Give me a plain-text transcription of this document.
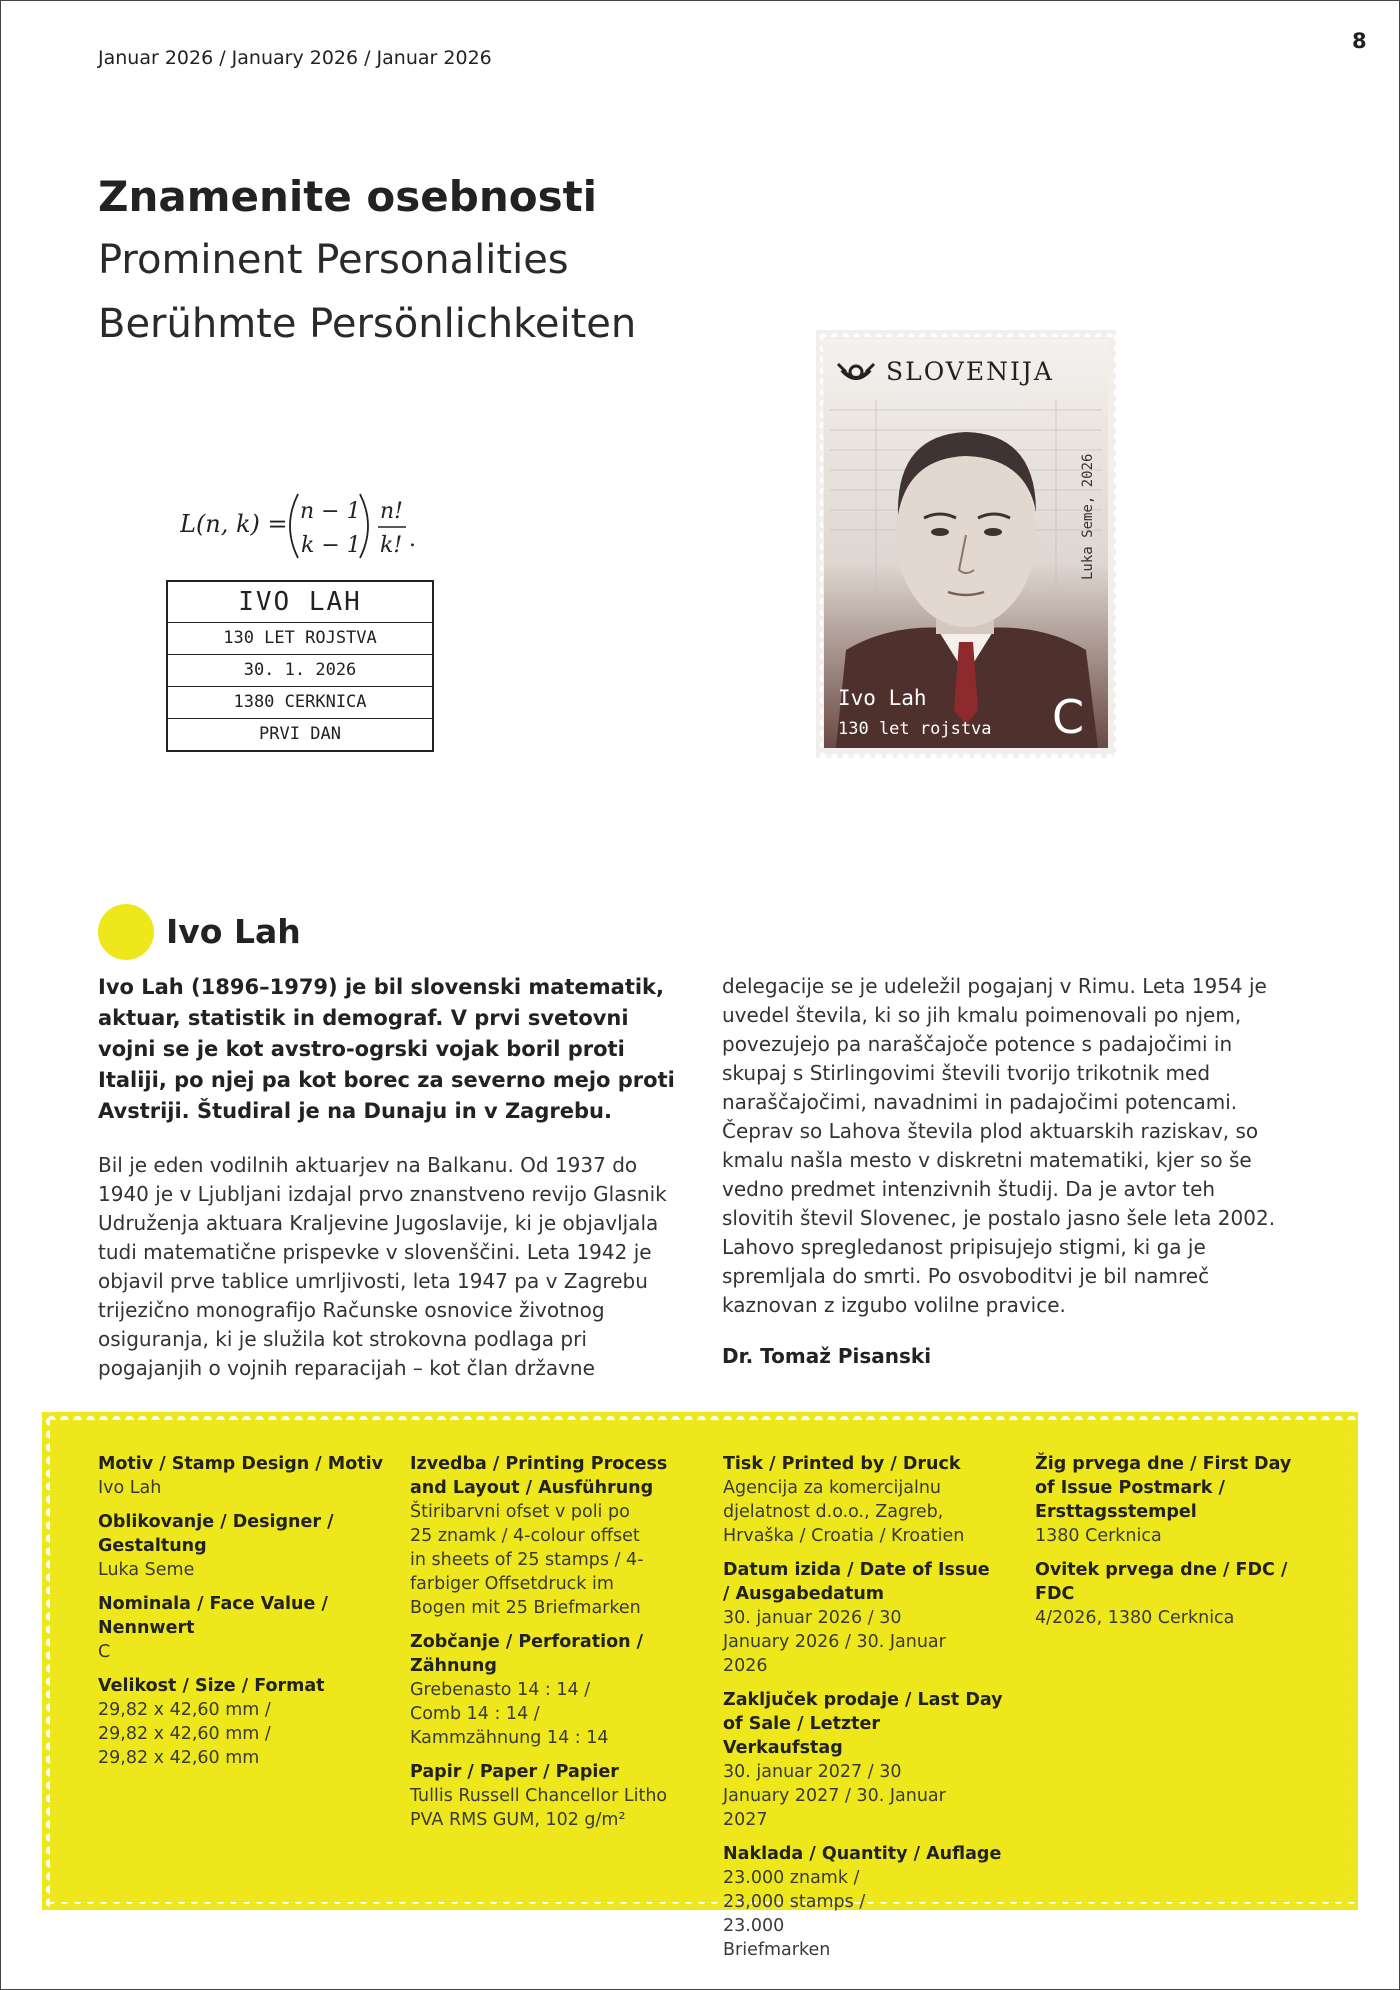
Januar 2026 / January 2026 / Januar 2026
8
Znamenite osebnosti
Prominent Personalities
Berühmte Persönlichkeiten
L(n, k) = n − 1
k − 1
n!
k! .
IVO LAH
130 LET ROJSTVA
30. 1. 2026
1380 CERKNICA
PRVI DAN
SLOVENIJA
Luka Seme, 2026
Ivo Lah
130 let rojstva C
Ivo Lah

Ivo Lah (1896–1979) je bil slovenski matematik, aktuar, statistik in demograf. V prvi svetovni vojni se je kot avstro-ogrski vojak boril proti Italiji, po njej pa kot borec za severno mejo proti Avstriji. Študiral je na Dunaju in v Zagrebu.

Bil je eden vodilnih aktuarjev na Balkanu. Od 1937 do 1940 je v Ljubljani izdajal prvo znanstveno revijo Glasnik Udruženja aktuara Kraljevine Jugoslavije, ki je objavljala tudi matematične prispevke v slovenščini. Leta 1942 je objavil prve tablice umrljivosti, leta 1947 pa v Zagrebu trijezično monografijo Računske osnovice životnog osiguranja, ki je služila kot strokovna podlaga pri pogajanjih o vojnih reparacijah – kot član državne

delegacije se je udeležil pogajanj v Rimu. Leta 1954 je uvedel števila, ki so jih kmalu poimenovali po njem, povezujejo pa naraščajoče potence s padajočimi in skupaj s Stirlingovimi števili tvorijo trikotnik med naraščajočimi, navadnimi in padajočimi potencami. Čeprav so Lahova števila plod aktuarskih raziskav, so kmalu našla mesto v diskretni matematiki, kjer so še vedno predmet intenzivnih študij. Da je avtor teh slovitih števil Slovenec, je postalo jasno šele leta 2002. Lahovo spregledanost pripisujejo stigmi, ki ga je spremljala do smrti. Po osvoboditvi je bil namreč kaznovan z izgubo volilne pravice.

Dr. Tomaž Pisanski
Motiv / Stamp Design / Motiv
Ivo Lah
Oblikovanje / Designer / Gestaltung
Luka Seme
Nominala / Face Value / Nennwert
C
Velikost / Size / Format
29,82 x 42,60 mm / 29,82 x 42,60 mm / 29,82 x 42,60 mm
Izvedba / Printing Process and Layout / Ausführung
Štiribarvni ofset v poli po 25 znamk / 4-colour offset in sheets of 25 stamps / 4-farbiger Offsetdruck im Bogen mit 25 Briefmarken
Zobčanje / Perforation / Zähnung
Grebenasto 14 : 14 / Comb 14 : 14 / Kammzähnung 14 : 14
Papir / Paper / Papier
Tullis Russell Chancellor Litho PVA RMS GUM, 102 g/m²
Tisk / Printed by / Druck
Agencija za komercijalnu djelatnost d.o.o., Zagreb, Hrvaška / Croatia / Kroatien
Datum izida / Date of Issue / Ausgabedatum
30. januar 2026 / 30 January 2026 / 30. Januar 2026
Zaključek prodaje / Last Day of Sale / Letzter Verkaufstag
30. januar 2027 / 30 January 2027 / 30. Januar 2027
Naklada / Quantity / Auflage
23.000 znamk / 23,000 stamps / 23.000 Briefmarken
Žig prvega dne / First Day of Issue Postmark / Ersttagsstempel
1380 Cerknica
Ovitek prvega dne / FDC / FDC
4/2026, 1380 Cerknica
